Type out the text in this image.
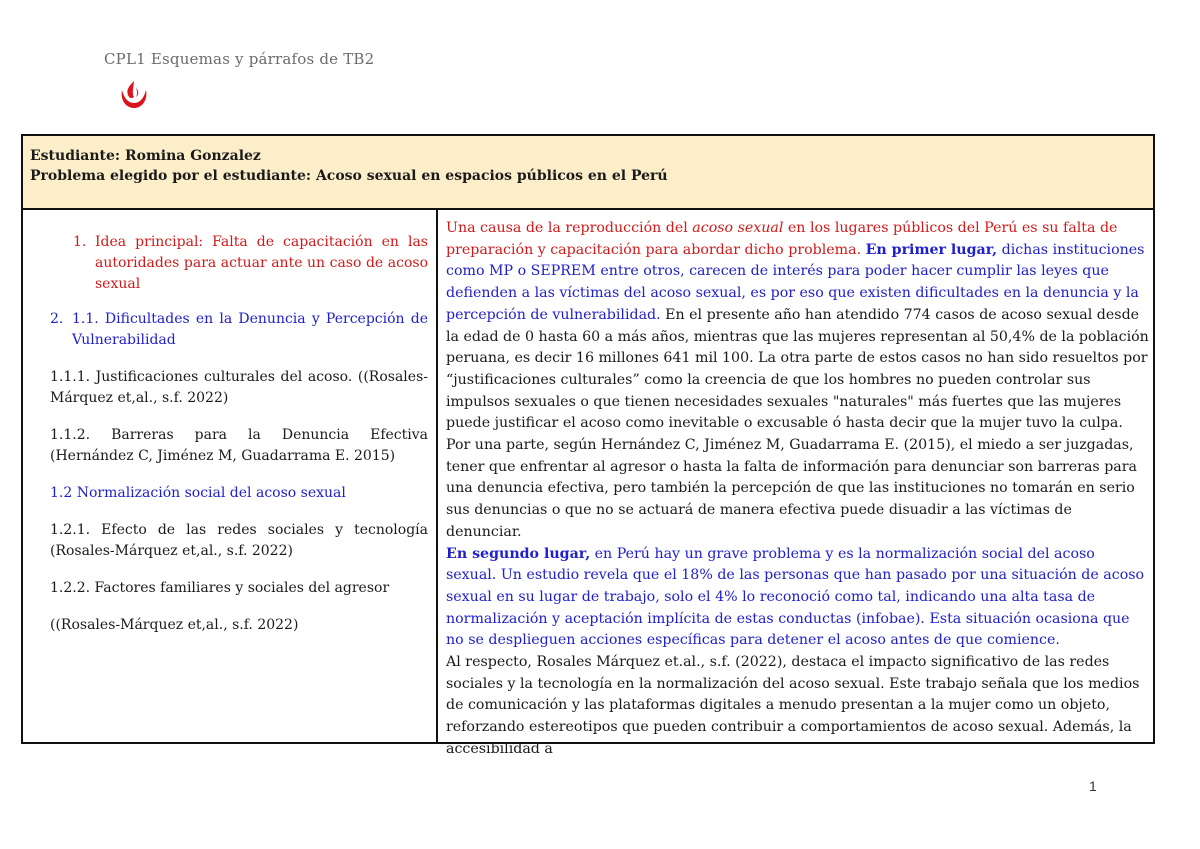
CPL1 Esquemas y párrafos de TB2
Estudiante: Romina Gonzalez
Problema elegido por el estudiante: Acoso sexual en espacios públicos en el Perú
1. Idea principal: Falta de capacitación en las autoridades para actuar ante un caso de acoso sexual
2. 1.1. Dificultades en la Denuncia y Percepción de Vulnerabilidad
1.1.1. Justificaciones culturales del acoso. ((Rosales-Márquez et,al., s.f. 2022)
1.1.2. Barreras para la Denuncia Efectiva (Hernández C, Jiménez M, Guadarrama E. 2015)
1.2 Normalización social del acoso sexual
1.2.1. Efecto de las redes sociales y tecnología (Rosales-Márquez et,al., s.f. 2022)
1.2.2. Factores familiares y sociales del agresor
((Rosales-Márquez et,al., s.f. 2022)
Una causa de la reproducción del acoso sexual en los lugares públicos del Perú es su falta de preparación y capacitación para abordar dicho problema. En primer lugar, dichas instituciones como MP o SEPREM entre otros, carecen de interés para poder hacer cumplir las leyes que defienden a las víctimas del acoso sexual, es por eso que existen dificultades en la denuncia y la percepción de vulnerabilidad. En el presente año han atendido 774 casos de acoso sexual desde la edad de 0 hasta 60 a más años, mientras que las mujeres representan al 50,4% de la población peruana, es decir 16 millones 641 mil 100. La otra parte de estos casos no han sido resueltos por “justificaciones culturales” como la creencia de que los hombres no pueden controlar sus impulsos sexuales o que tienen necesidades sexuales "naturales" más fuertes que las mujeres puede justificar el acoso como inevitable o excusable ó hasta decir que la mujer tuvo la culpa. Por una parte, según Hernández C, Jiménez M, Guadarrama E. (2015), el miedo a ser juzgadas, tener que enfrentar al agresor o hasta la falta de información para denunciar son barreras para una denuncia efectiva, pero también la percepción de que las instituciones no tomarán en serio sus denuncias o que no se actuará de manera efectiva puede disuadir a las víctimas de denunciar.
En segundo lugar, en Perú hay un grave problema y es la normalización social del acoso sexual. Un estudio revela que el 18% de las personas que han pasado por una situación de acoso sexual en su lugar de trabajo, solo el 4% lo reconoció como tal, indicando una alta tasa de normalización y aceptación implícita de estas conductas (infobae). Esta situación ocasiona que no se desplieguen acciones específicas para detener el acoso antes de que comience.
Al respecto, Rosales Márquez et.al., s.f. (2022), destaca el impacto significativo de las redes sociales y la tecnología en la normalización del acoso sexual. Este trabajo señala que los medios de comunicación y las plataformas digitales a menudo presentan a la mujer como un objeto, reforzando estereotipos que pueden contribuir a comportamientos de acoso sexual. Además, la accesibilidad a
1
